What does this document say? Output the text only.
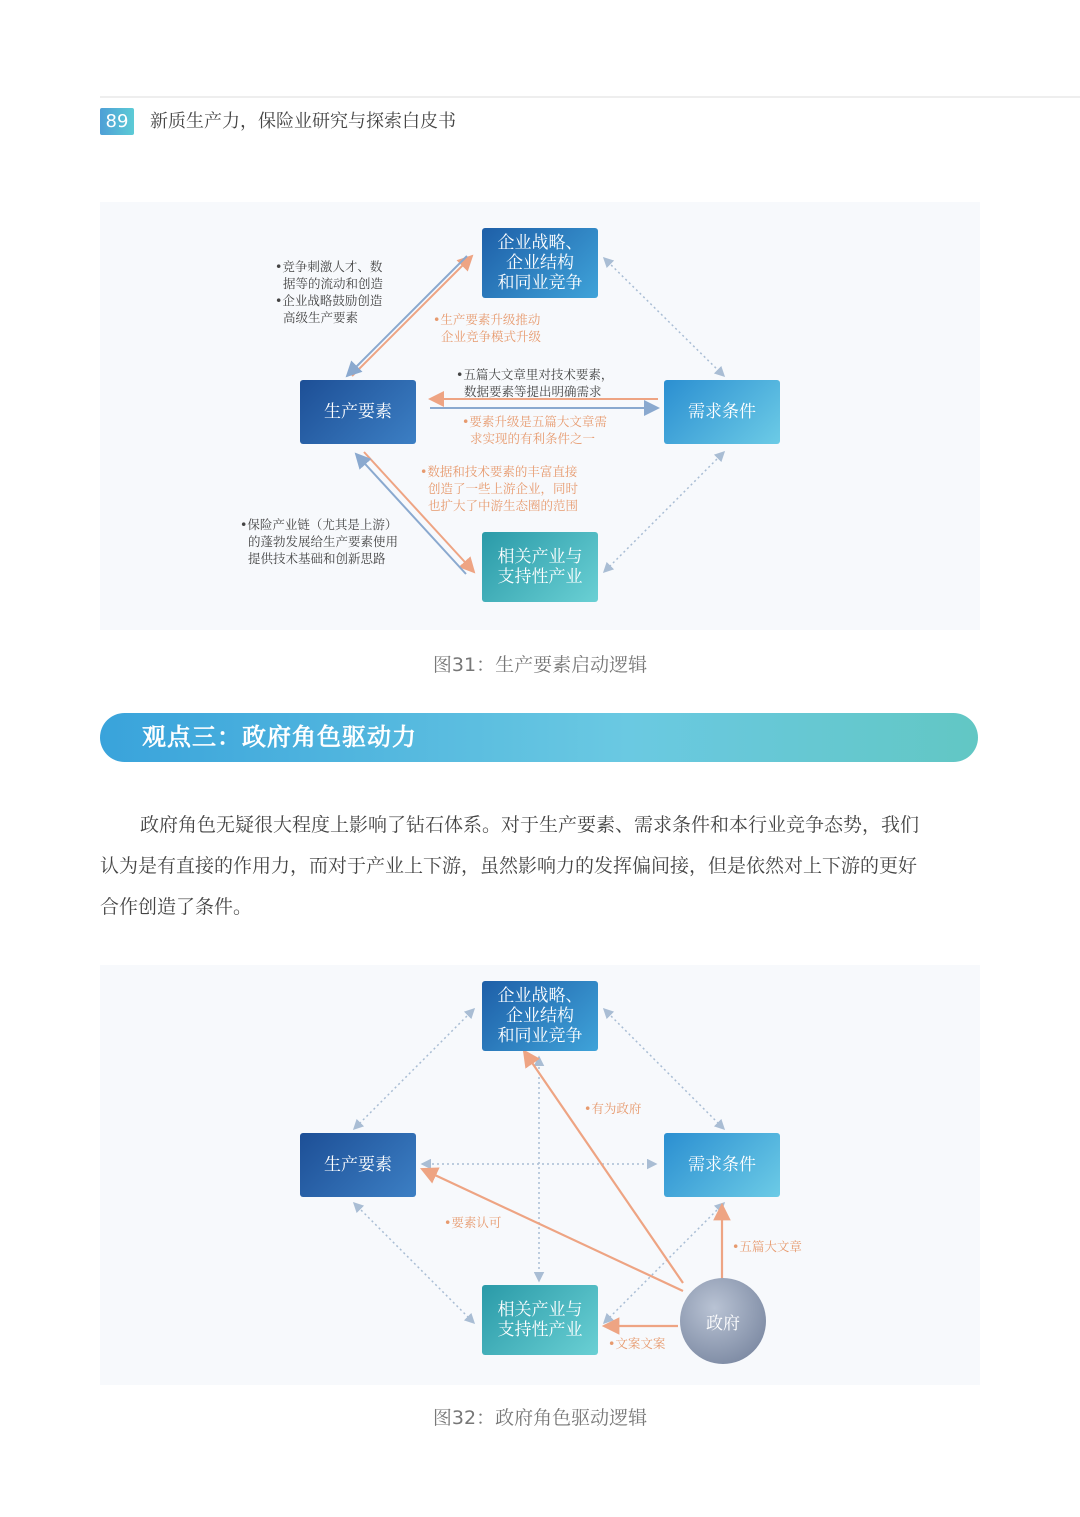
89	新质生产力，保险业研究与探索白皮书
企业战略、
企业结构
和同业竞争
生产要素	需求条件
相关产业与
支持性产业
•竞争刺激人才、数
据等的流动和创造
•企业战略鼓励创造
高级生产要素	•生产要素升级推动
企业竞争模式升级
•五篇大文章里对技术要素，
数据要素等提出明确需求
•要素升级是五篇大文章需
求实现的有利条件之一
•数据和技术要素的丰富直接
创造了一些上游企业，同时
也扩大了中游生态圈的范围
•保险产业链（尤其是上游）
的蓬勃发展给生产要素使用
提供技术基础和创新思路
图31：生产要素启动逻辑
观点三：政府角色驱动力
政府角色无疑很大程度上影响了钻石体系。对于生产要素、需求条件和本行业竞争态势，我们
认为是有直接的作用力，而对于产业上下游，虽然影响力的发挥偏间接，但是依然对上下游的更好
合作创造了条件。
企业战略、
企业结构
和同业竞争
生产要素	需求条件
相关产业与
支持性产业	政府
•有为政府
•要素认可
•五篇大文章
•文案文案
图32：政府角色驱动逻辑
